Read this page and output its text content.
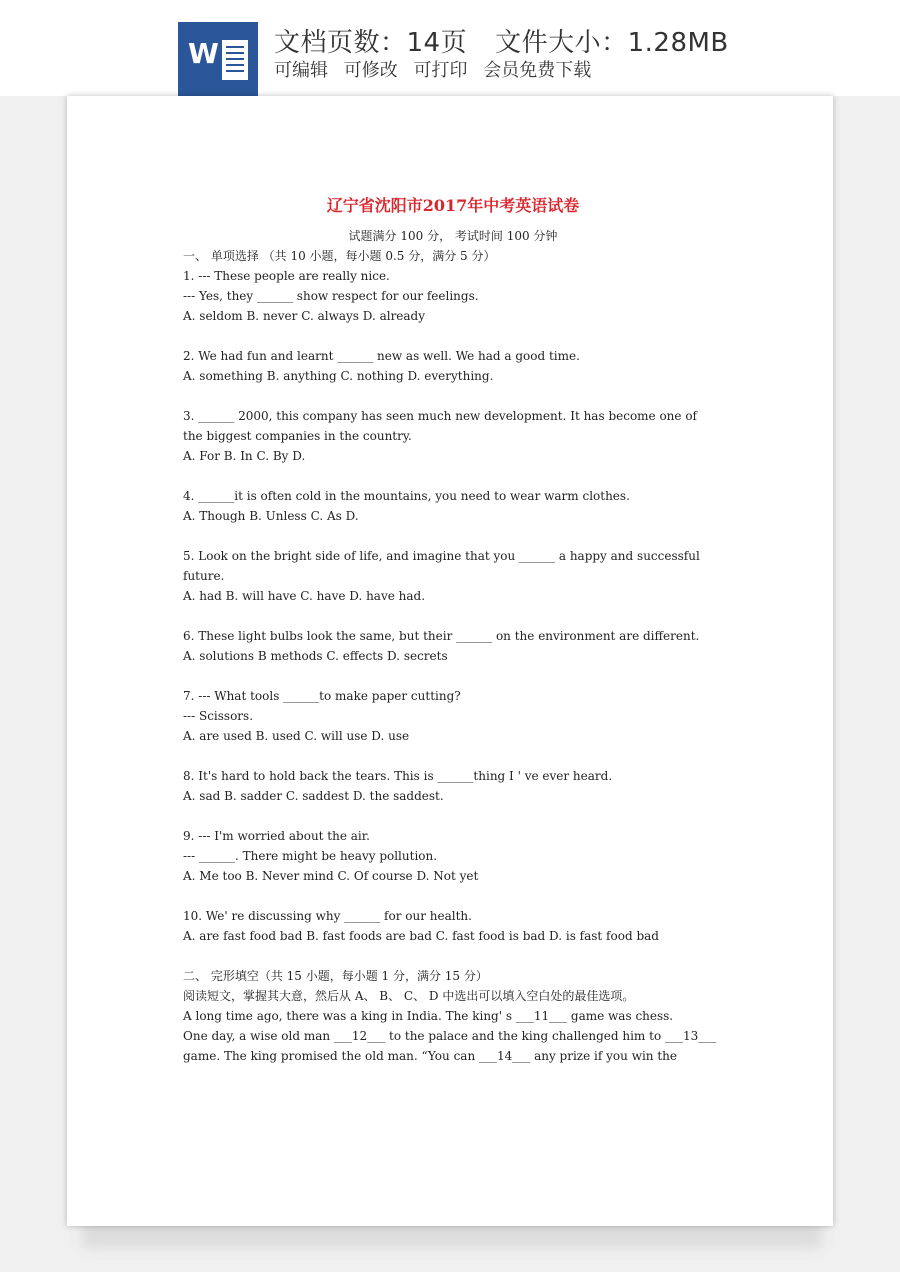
W 文档页数：14页 文件大小：1.28MB
可编辑 可修改 可打印 会员免费下载
辽宁省沈阳市2017年中考英语试卷
试题满分 100 分， 考试时间 100 分钟
一、 单项选择 （共 10 小题，每小题 0.5 分，满分 5 分）
1. --- These people are really nice.
--- Yes, they ______ show respect for our feelings.
A. seldom B. never C. always D. already
2. We had fun and learnt ______ new as well. We had a good time.
A. something B. anything C. nothing D. everything.
3. ______ 2000, this company has seen much new development. It has become one of
the biggest companies in the country.
A. For B. In C. By D.
4. ______it is often cold in the mountains, you need to wear warm clothes.
A. Though B. Unless C. As D.
5. Look on the bright side of life, and imagine that you ______ a happy and successful
future.
A. had B. will have C. have D. have had.
6. These light bulbs look the same, but their ______ on the environment are different.
A. solutions B methods C. effects D. secrets
7. --- What tools ______to make paper cutting?
--- Scissors.
A. are used B. used C. will use D. use
8. It's hard to hold back the tears. This is ______thing I ' ve ever heard.
A. sad B. sadder C. saddest D. the saddest.
9. --- I'm worried about the air.
--- ______. There might be heavy pollution.
A. Me too B. Never mind C. Of course D. Not yet
10. We' re discussing why ______ for our health.
A. are fast food bad B. fast foods are bad C. fast food is bad D. is fast food bad
二、 完形填空（共 15 小题，每小题 1 分，满分 15 分）
阅读短文，掌握其大意，然后从 A、 B、 C、 D 中选出可以填入空白处的最佳选项。
A long time ago, there was a king in India. The king' s ___11___ game was chess.
One day, a wise old man ___12___ to the palace and the king challenged him to ___13___
game. The king promised the old man. “You can ___14___ any prize if you win the
